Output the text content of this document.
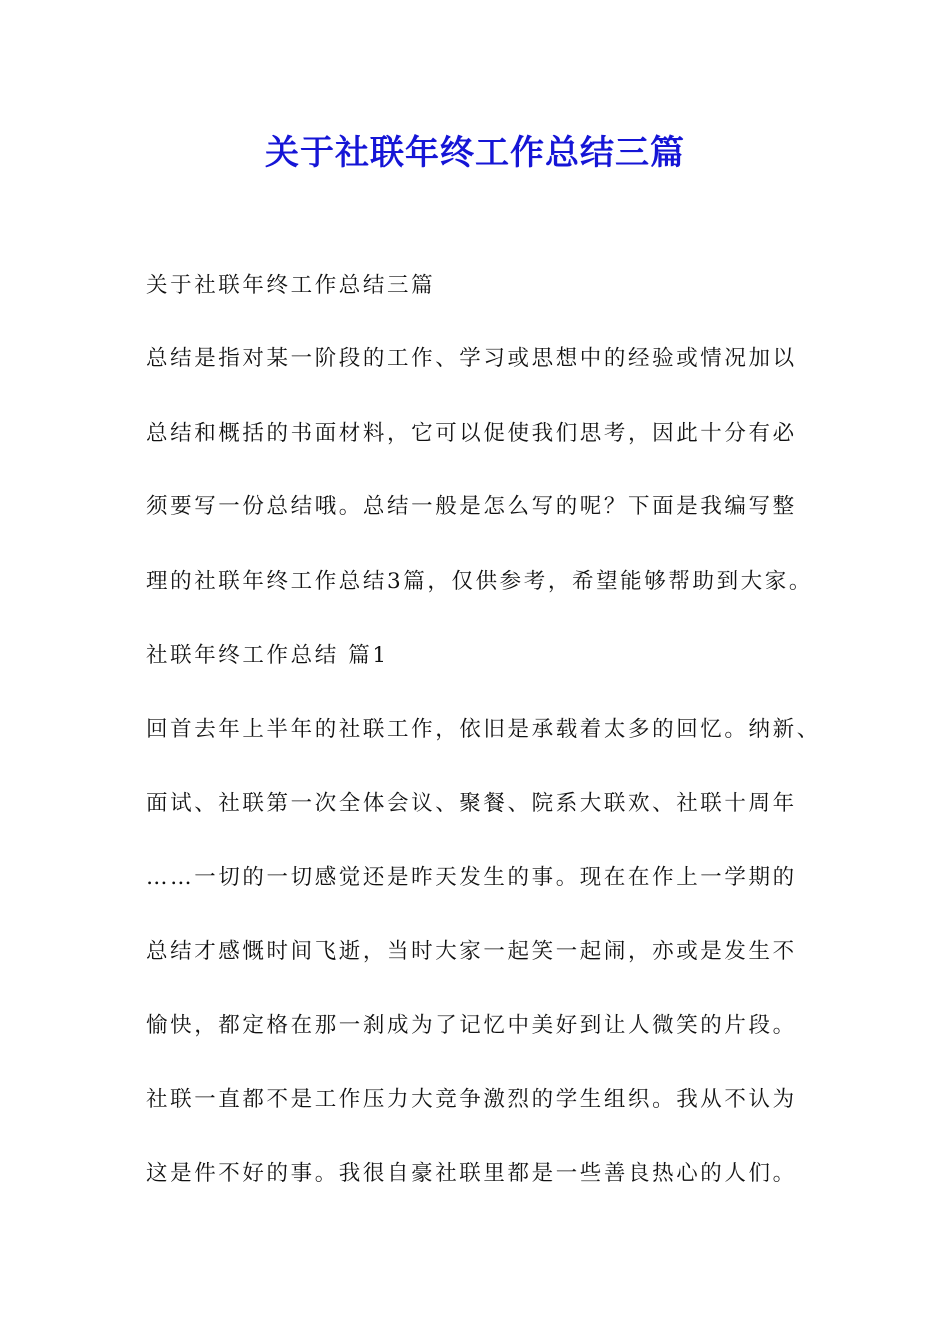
关于社联年终工作总结三篇

关于社联年终工作总结三篇

总结是指对某一阶段的工作、学习或思想中的经验或情况加以

总结和概括的书面材料，它可以促使我们思考，因此十分有必

须要写一份总结哦。总结一般是怎么写的呢？下面是我编写整

理的社联年终工作总结3篇，仅供参考，希望能够帮助到大家。

社联年终工作总结 篇1

回首去年上半年的社联工作，依旧是承载着太多的回忆。纳新、

面试、社联第一次全体会议、聚餐、院系大联欢、社联十周年

……一切的一切感觉还是昨天发生的事。现在在作上一学期的

总结才感慨时间飞逝，当时大家一起笑一起闹，亦或是发生不

愉快，都定格在那一刹成为了记忆中美好到让人微笑的片段。

社联一直都不是工作压力大竞争激烈的学生组织。我从不认为

这是件不好的事。我很自豪社联里都是一些善良热心的人们。
